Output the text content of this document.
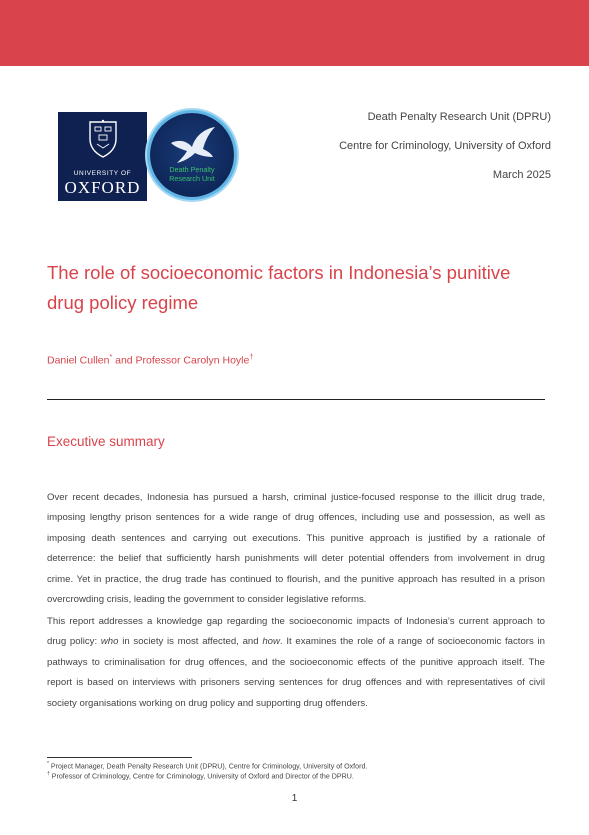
UNIVERSITY OF
OXFORD
Death Penalty
Research Unit
Death Penalty Research Unit (DPRU)
Centre for Criminology, University of Oxford
March 2025
The role of socioeconomic factors in Indonesia’s punitive drug policy regime
Daniel Cullen* and Professor Carolyn Hoyle†
Executive summary

Over recent decades, Indonesia has pursued a harsh, criminal justice-focused response to the illicit drug trade, imposing lengthy prison sentences for a wide range of drug offences, including use and possession, as well as imposing death sentences and carrying out executions. This punitive approach is justified by a rationale of deterrence: the belief that sufficiently harsh punishments will deter potential offenders from involvement in drug crime. Yet in practice, the drug trade has continued to flourish, and the punitive approach has resulted in a prison overcrowding crisis, leading the government to consider legislative reforms.

This report addresses a knowledge gap regarding the socioeconomic impacts of Indonesia’s current approach to drug policy: who in society is most affected, and how. It examines the role of a range of socioeconomic factors in pathways to criminalisation for drug offences, and the socioeconomic effects of the punitive approach itself. The report is based on interviews with prisoners serving sentences for drug offences and with representatives of civil society organisations working on drug policy and supporting drug offenders.

* Project Manager, Death Penalty Research Unit (DPRU), Centre for Criminology, University of Oxford.
† Professor of Criminology, Centre for Criminology, University of Oxford and Director of the DPRU.
1
